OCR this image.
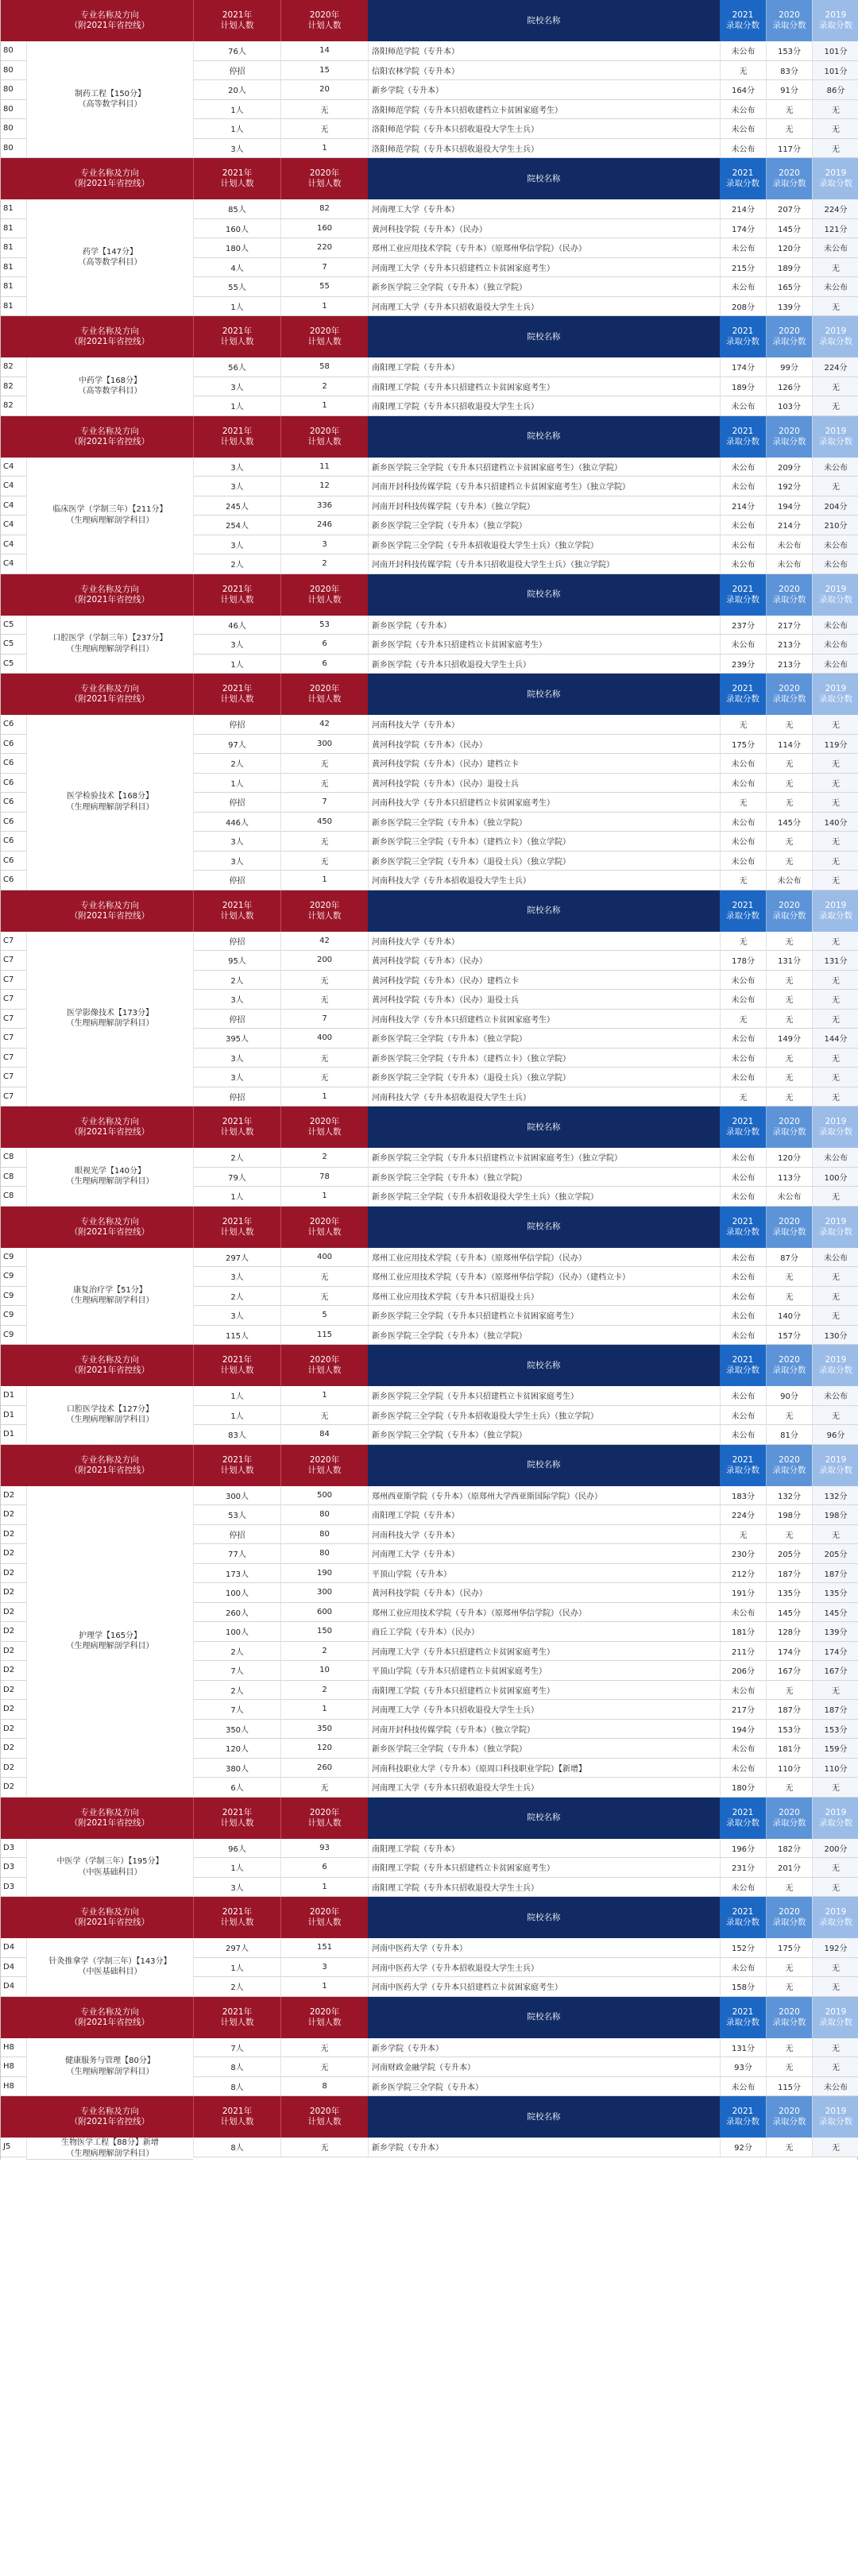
专业名称及方向
（附2021年省控线）
2021年
计划人数
2020年
计划人数
院校名称
2021
录取分数
2020
录取分数
2019
录取分数
80	76人	14	洛阳师范学院（专升本）	未公布	153分	101分
80	停招	15	信阳农林学院（专升本）	无	83分	101分
80	20人	20	新乡学院（专升本）	164分	91分	86分
80	1人	无	洛阳师范学院（专升本只招收建档立卡贫困家庭考生）	未公布	无	无
80	1人	无	洛阳师范学院（专升本只招收退役大学生士兵）	未公布	无	无
80	3人	1	洛阳师范学院（专升本只招收退役大学生士兵）	未公布	117分	无
制药工程【150分】
（高等数学科目）
专业名称及方向
（附2021年省控线）
2021年
计划人数
2020年
计划人数
院校名称
2021
录取分数
2020
录取分数
2019
录取分数
81	85人	82	河南理工大学（专升本）	214分	207分	224分
81	160人	160	黄河科技学院（专升本）（民办）	174分	145分	121分
81	180人	220	郑州工业应用技术学院（专升本）（原郑州华信学院）（民办）	未公布	120分	未公布
81	4人	7	河南理工大学（专升本只招建档立卡贫困家庭考生）	215分	189分	无
81	55人	55	新乡医学院三全学院（专升本）（独立学院）	未公布	165分	未公布
81	1人	1	河南理工大学（专升本只招收退役大学生士兵）	208分	139分	无
药学【147分】
（高等数学科目）
专业名称及方向
（附2021年省控线）
2021年
计划人数
2020年
计划人数
院校名称
2021
录取分数
2020
录取分数
2019
录取分数
82	56人	58	南阳理工学院（专升本）	174分	99分	224分
82	3人	2	南阳理工学院（专升本只招建档立卡贫困家庭考生）	189分	126分	无
82	1人	1	南阳理工学院（专升本只招收退役大学生士兵）	未公布	103分	无
中药学【168分】
（高等数学科目）
专业名称及方向
（附2021年省控线）
2021年
计划人数
2020年
计划人数
院校名称
2021
录取分数
2020
录取分数
2019
录取分数
C4	3人	11	新乡医学院三全学院（专升本只招建档立卡贫困家庭考生）（独立学院）	未公布	209分	未公布
C4	3人	12	河南开封科技传媒学院（专升本只招建档立卡贫困家庭考生）（独立学院）	未公布	192分	无
C4	245人	336	河南开封科技传媒学院（专升本）（独立学院）	214分	194分	204分
C4	254人	246	新乡医学院三全学院（专升本）（独立学院）	未公布	214分	210分
C4	3人	3	新乡医学院三全学院（专升本招收退役大学生士兵）（独立学院）	未公布	未公布	未公布
C4	2人	2	河南开封科技传媒学院（专升本只招收退役大学生士兵）（独立学院）	未公布	未公布	未公布
临床医学（学制三年）【211分】
（生理病理解剖学科目）
专业名称及方向
（附2021年省控线）
2021年
计划人数
2020年
计划人数
院校名称
2021
录取分数
2020
录取分数
2019
录取分数
C5	46人	53	新乡医学院（专升本）	237分	217分	未公布
C5	3人	6	新乡医学院（专升本只招建档立卡贫困家庭考生）	未公布	213分	未公布
C5	1人	6	新乡医学院（专升本只招收退役大学生士兵）	239分	213分	未公布
口腔医学（学制三年）【237分】
（生理病理解剖学科目）
专业名称及方向
（附2021年省控线）
2021年
计划人数
2020年
计划人数
院校名称
2021
录取分数
2020
录取分数
2019
录取分数
C6	停招	42	河南科技大学（专升本）	无	无	无
C6	97人	300	黄河科技学院（专升本）（民办）	175分	114分	119分
C6	2人	无	黄河科技学院（专升本）（民办）建档立卡	未公布	无	无
C6	1人	无	黄河科技学院（专升本）（民办）退役士兵	未公布	无	无
C6	停招	7	河南科技大学（专升本只招建档立卡贫困家庭考生）	无	无	无
C6	446人	450	新乡医学院三全学院（专升本）（独立学院）	未公布	145分	140分
C6	3人	无	新乡医学院三全学院（专升本）（建档立卡）（独立学院）	未公布	无	无
C6	3人	无	新乡医学院三全学院（专升本）（退役士兵）（独立学院）	未公布	无	无
C6	停招	1	河南科技大学（专升本招收退役大学生士兵）	无	未公布	无
医学检验技术【168分】
（生理病理解剖学科目）
专业名称及方向
（附2021年省控线）
2021年
计划人数
2020年
计划人数
院校名称
2021
录取分数
2020
录取分数
2019
录取分数
C7	停招	42	河南科技大学（专升本）	无	无	无
C7	95人	200	黄河科技学院（专升本）（民办）	178分	131分	131分
C7	2人	无	黄河科技学院（专升本）（民办）建档立卡	未公布	无	无
C7	3人	无	黄河科技学院（专升本）（民办）退役士兵	未公布	无	无
C7	停招	7	河南科技大学（专升本只招建档立卡贫困家庭考生）	无	无	无
C7	395人	400	新乡医学院三全学院（专升本）（独立学院）	未公布	149分	144分
C7	3人	无	新乡医学院三全学院（专升本）（建档立卡）（独立学院）	未公布	无	无
C7	3人	无	新乡医学院三全学院（专升本）（退役士兵）（独立学院）	未公布	无	无
C7	停招	1	河南科技大学（专升本招收退役大学生士兵）	无	无	无
医学影像技术【173分】
（生理病理解剖学科目）
专业名称及方向
（附2021年省控线）
2021年
计划人数
2020年
计划人数
院校名称
2021
录取分数
2020
录取分数
2019
录取分数
C8	2人	2	新乡医学院三全学院（专升本只招建档立卡贫困家庭考生）（独立学院）	未公布	120分	未公布
C8	79人	78	新乡医学院三全学院（专升本）（独立学院）	未公布	113分	100分
C8	1人	1	新乡医学院三全学院（专升本招收退役大学生士兵）（独立学院）	未公布	未公布	无
眼视光学【140分】
（生理病理解剖学科目）
专业名称及方向
（附2021年省控线）
2021年
计划人数
2020年
计划人数
院校名称
2021
录取分数
2020
录取分数
2019
录取分数
C9	297人	400	郑州工业应用技术学院（专升本）（原郑州华信学院）（民办）	未公布	87分	未公布
C9	3人	无	郑州工业应用技术学院（专升本）（原郑州华信学院）（民办）（建档立卡）	未公布	无	无
C9	2人	无	郑州工业应用技术学院（专升本只招退役士兵）	未公布	无	无
C9	3人	5	新乡医学院三全学院（专升本只招建档立卡贫困家庭考生）	未公布	140分	无
C9	115人	115	新乡医学院三全学院（专升本）（独立学院）	未公布	157分	130分
康复治疗学【51分】
（生理病理解剖学科目）
专业名称及方向
（附2021年省控线）
2021年
计划人数
2020年
计划人数
院校名称
2021
录取分数
2020
录取分数
2019
录取分数
D1	1人	1	新乡医学院三全学院（专升本只招建档立卡贫困家庭考生）	未公布	90分	未公布
D1	1人	无	新乡医学院三全学院（专升本招收退役大学生士兵）（独立学院）	未公布	无	无
D1	83人	84	新乡医学院三全学院（专升本）（独立学院）	未公布	81分	96分
口腔医学技术【127分】
（生理病理解剖学科目）
专业名称及方向
（附2021年省控线）
2021年
计划人数
2020年
计划人数
院校名称
2021
录取分数
2020
录取分数
2019
录取分数
D2	300人	500	郑州西亚斯学院（专升本）（原郑州大学西亚斯国际学院）（民办）	183分	132分	132分
D2	53人	80	南阳理工学院（专升本）	224分	198分	198分
D2	停招	80	河南科技大学（专升本）	无	无	无
D2	77人	80	河南理工大学（专升本）	230分	205分	205分
D2	173人	190	平顶山学院（专升本）	212分	187分	187分
D2	100人	300	黄河科技学院（专升本）（民办）	191分	135分	135分
D2	260人	600	郑州工业应用技术学院（专升本）（原郑州华信学院）（民办）	未公布	145分	145分
D2	100人	150	商丘工学院（专升本）（民办）	181分	128分	139分
D2	2人	2	河南理工大学（专升本只招建档立卡贫困家庭考生）	211分	174分	174分
D2	7人	10	平顶山学院（专升本只招建档立卡贫困家庭考生）	206分	167分	167分
D2	2人	2	南阳理工学院（专升本只招建档立卡贫困家庭考生）	未公布	无	无
D2	7人	1	河南理工大学（专升本只招收退役大学生士兵）	217分	187分	187分
D2	350人	350	河南开封科技传媒学院（专升本）（独立学院）	194分	153分	153分
D2	120人	120	新乡医学院三全学院（专升本）（独立学院）	未公布	181分	159分
D2	380人	260	河南科技职业大学（专升本）（原周口科技职业学院）【新增】	未公布	110分	110分
D2	6人	无	河南理工大学（专升本只招收退役大学生士兵）	180分	无	无
护理学【165分】
（生理病理解剖学科目）
专业名称及方向
（附2021年省控线）
2021年
计划人数
2020年
计划人数
院校名称
2021
录取分数
2020
录取分数
2019
录取分数
D3	96人	93	南阳理工学院（专升本）	196分	182分	200分
D3	1人	6	南阳理工学院（专升本只招建档立卡贫困家庭考生）	231分	201分	无
D3	3人	1	南阳理工学院（专升本只招收退役大学生士兵）	未公布	无	无
中医学（学制三年）【195分】
（中医基础科目）
专业名称及方向
（附2021年省控线）
2021年
计划人数
2020年
计划人数
院校名称
2021
录取分数
2020
录取分数
2019
录取分数
D4	297人	151	河南中医药大学（专升本）	152分	175分	192分
D4	1人	3	河南中医药大学（专升本招收退役大学生士兵）	未公布	无	无
D4	2人	1	河南中医药大学（专升本只招建档立卡贫困家庭考生）	158分	无	无
针灸推拿学（学制三年）【143分】
（中医基础科目）
专业名称及方向
（附2021年省控线）
2021年
计划人数
2020年
计划人数
院校名称
2021
录取分数
2020
录取分数
2019
录取分数
H8	7人	无	新乡学院（专升本）	131分	无	无
H8	8人	无	河南财政金融学院（专升本）	93分	无	无
H8	8人	8	新乡医学院三全学院（专升本）	未公布	115分	未公布
健康服务与管理【80分】
（生理病理解剖学科目）
专业名称及方向
（附2021年省控线）
2021年
计划人数
2020年
计划人数
院校名称
2021
录取分数
2020
录取分数
2019
录取分数
J5	8人	无	新乡学院（专升本）	92分	无	无
生物医学工程【88分】新增
（生理病理解剖学科目）
